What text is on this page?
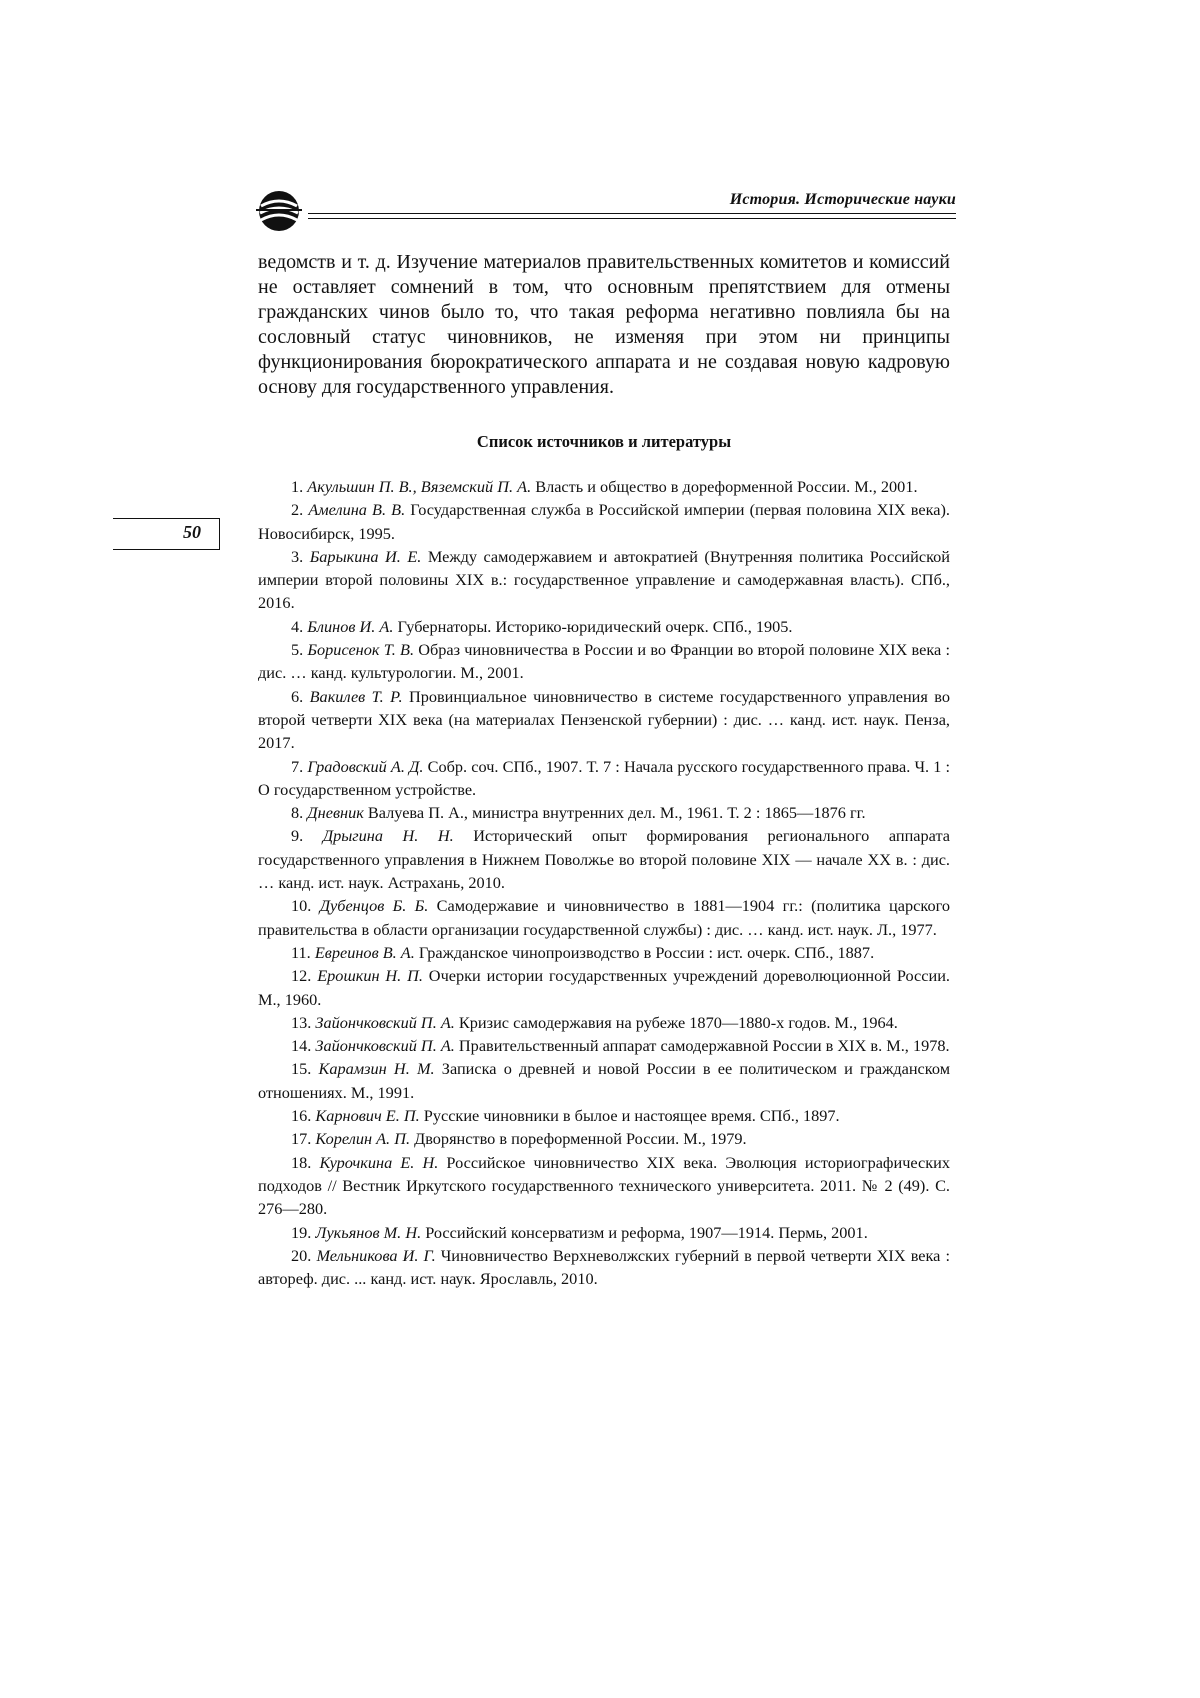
История. Исторические науки
50
ведомств и т. д. Изучение материалов правительственных комитетов и комиссий не оставляет сомнений в том, что основным препятствием для отмены гражданских чинов было то, что такая реформа негативно повлияла бы на сословный статус чиновников, не изменяя при этом ни принципы функционирования бюрократического аппарата и не создавая новую кадровую основу для государственного управления.
Список источников и литературы

1. Акульшин П. В., Вяземский П. А. Власть и общество в дореформенной России. М., 2001.

2. Амелина В. В. Государственная служба в Российской империи (первая половина XIX века). Новосибирск, 1995.

3. Барыкина И. Е. Между самодержавием и автократией (Внутренняя политика Российской империи второй половины XIX в.: государственное управление и самодержавная власть). СПб., 2016.

4. Блинов И. А. Губернаторы. Историко-юридический очерк. СПб., 1905.

5. Борисенок Т. В. Образ чиновничества в России и во Франции во второй половине XIX века : дис. … канд. культурологии. М., 2001.

6. Вакилев Т. Р. Провинциальное чиновничество в системе государственного управления во второй четверти XIX века (на материалах Пензенской губернии) : дис. … канд. ист. наук. Пенза, 2017.

7. Градовский А. Д. Собр. соч. СПб., 1907. Т. 7 : Начала русского государственного права. Ч. 1 : О государственном устройстве.

8. Дневник Валуева П. А., министра внутренних дел. М., 1961. Т. 2 : 1865—1876 гг.

9. Дрыгина Н. Н. Исторический опыт формирования регионального аппарата государственного управления в Нижнем Поволжье во второй половине XIX — начале XX в. : дис. … канд. ист. наук. Астрахань, 2010.

10. Дубенцов Б. Б. Самодержавие и чиновничество в 1881—1904 гг.: (политика царского правительства в области организации государственной службы) : дис. … канд. ист. наук. Л., 1977.

11. Евреинов В. А. Гражданское чинопроизводство в России : ист. очерк. СПб., 1887.

12. Ерошкин Н. П. Очерки истории государственных учреждений дореволюционной России. М., 1960.

13. Зайончковский П. А. Кризис самодержавия на рубеже 1870—1880-х годов. М., 1964.

14. Зайончковский П. А. Правительственный аппарат самодержавной России в XIX в. М., 1978.

15. Карамзин Н. М. Записка о древней и новой России в ее политическом и гражданском отношениях. М., 1991.

16. Карнович Е. П. Русские чиновники в былое и настоящее время. СПб., 1897.

17. Корелин А. П. Дворянство в пореформенной России. М., 1979.

18. Курочкина Е. Н. Российское чиновничество XIX века. Эволюция историографических подходов // Вестник Иркутского государственного технического университета. 2011. № 2 (49). С. 276—280.

19. Лукьянов М. Н. Российский консерватизм и реформа, 1907—1914. Пермь, 2001.

20. Мельникова И. Г. Чиновничество Верхневолжских губерний в первой четверти XIX века : автореф. дис. ... канд. ист. наук. Ярославль, 2010.
